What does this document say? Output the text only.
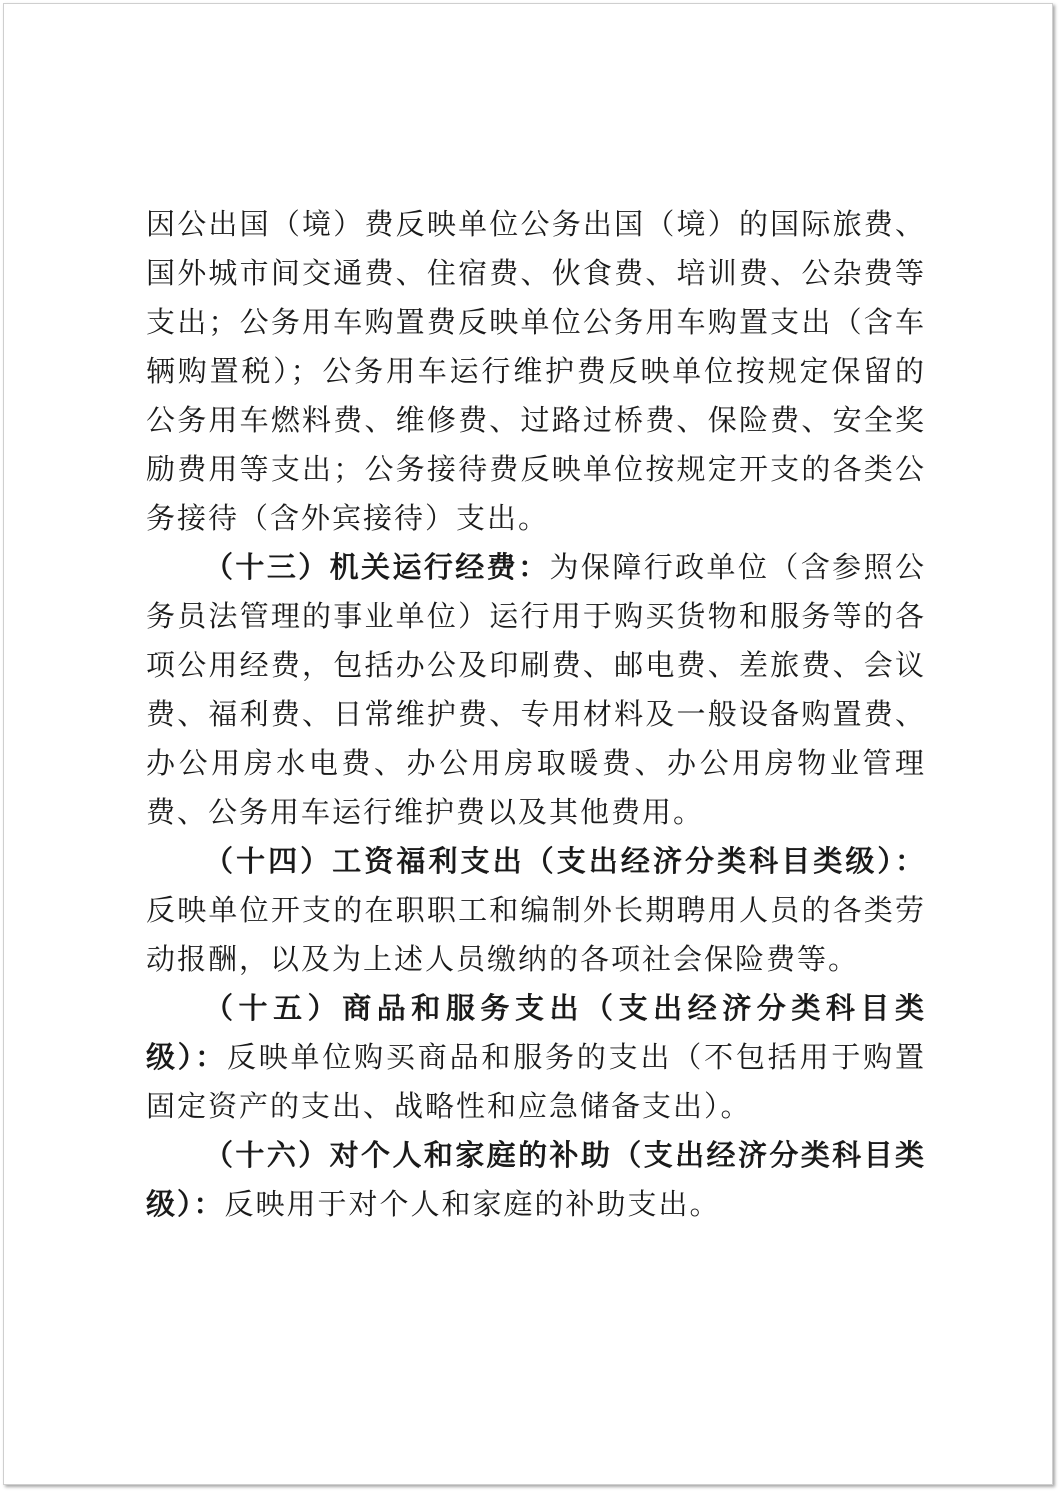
因公出国（境）费反映单位公务出国（境）的国际旅费、国外城市间交通费、住宿费、伙食费、培训费、公杂费等支出；公务用车购置费反映单位公务用车购置支出（含车辆购置税）；公务用车运行维护费反映单位按规定保留的公务用车燃料费、维修费、过路过桥费、保险费、安全奖励费用等支出；公务接待费反映单位按规定开支的各类公务接待（含外宾接待）支出。

（十三）机关运行经费：为保障行政单位（含参照公务员法管理的事业单位）运行用于购买货物和服务等的各项公用经费，包括办公及印刷费、邮电费、差旅费、会议费、福利费、日常维护费、专用材料及一般设备购置费、办公用房水电费、办公用房取暖费、办公用房物业管理费、公务用车运行维护费以及其他费用。

（十四）工资福利支出（支出经济分类科目类级）：反映单位开支的在职职工和编制外长期聘用人员的各类劳动报酬，以及为上述人员缴纳的各项社会保险费等。

（十五）商品和服务支出（支出经济分类科目类级）：反映单位购买商品和服务的支出（不包括用于购置固定资产的支出、战略性和应急储备支出）。

（十六）对个人和家庭的补助（支出经济分类科目类级）：反映用于对个人和家庭的补助支出。
